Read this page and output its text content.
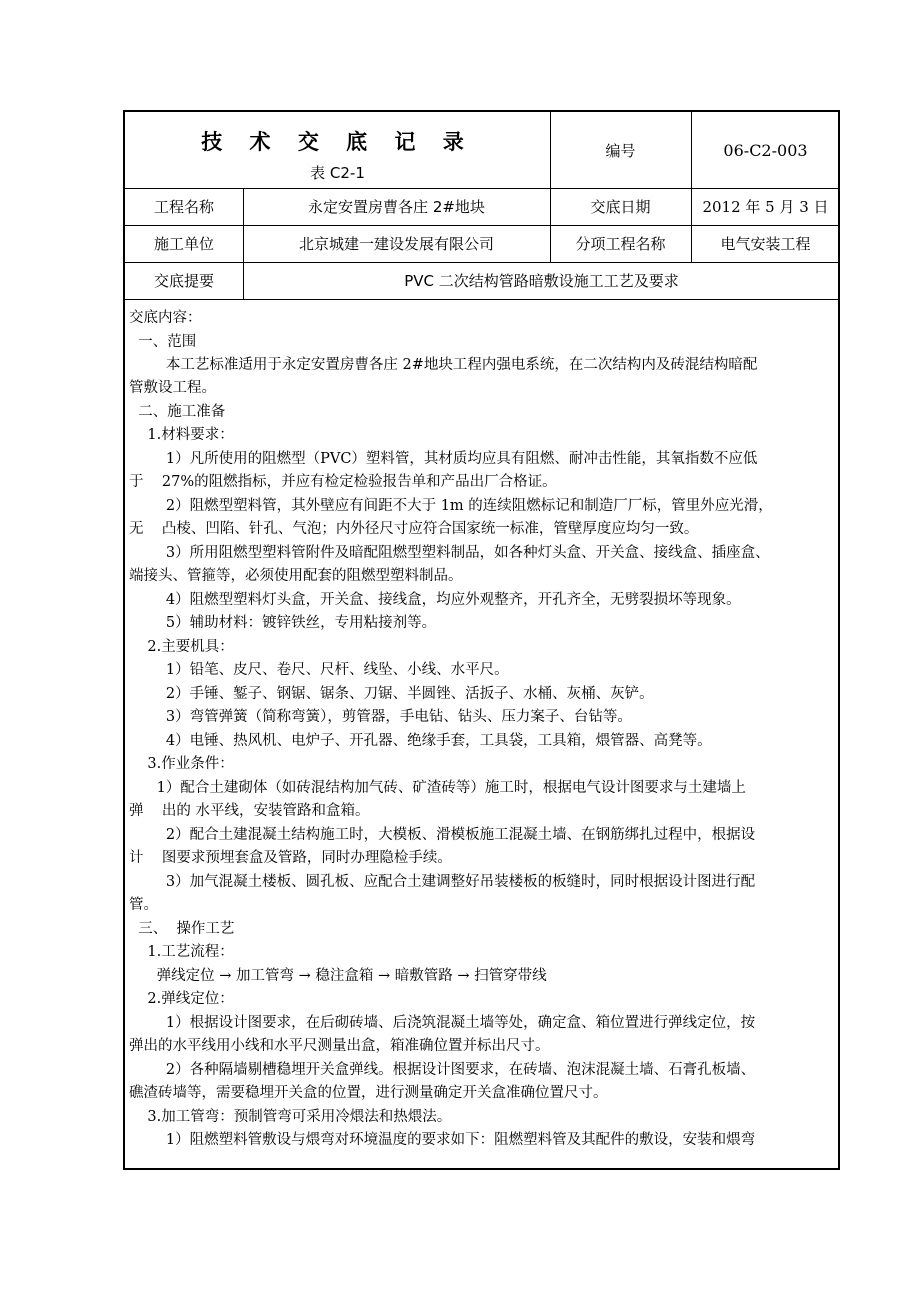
技 术 交 底 记 录
表 C2-1
编号	06-C2-003
工程名称	永定安置房曹各庄 2#地块	交底日期	2012 年 5 月 3 日
施工单位	北京城建一建设发展有限公司	分项工程名称	电气安装工程
交底提要	PVC 二次结构管路暗敷设施工工艺及要求
交底内容：
一、范围
本工艺标准适用于永定安置房曹各庄 2#地块工程内强电系统，在二次结构内及砖混结构暗配
管敷设工程。
二、施工准备
1.材料要求：
1）凡所使用的阻燃型（PVC）塑料管，其材质均应具有阻燃、耐冲击性能，其氧指数不应低
于    27%的阻燃指标，并应有检定检验报告单和产品出厂合格证。
2）阻燃型塑料管，其外壁应有间距不大于 1m 的连续阻燃标记和制造厂厂标，管里外应光滑，
无    凸棱、凹陷、针孔、气泡；内外径尺寸应符合国家统一标准，管壁厚度应均匀一致。
3）所用阻燃型塑料管附件及暗配阻燃型塑料制品，如各种灯头盒、开关盒、接线盒、插座盒、
端接头、管箍等，必须使用配套的阻燃型塑料制品。
4）阻燃型塑料灯头盒，开关盒、接线盒，均应外观整齐，开孔齐全，无劈裂损坏等现象。
5）辅助材料：镀锌铁丝，专用粘接剂等。
2.主要机具：
1）铅笔、皮尺、卷尺、尺杆、线坠、小线、水平尺。
2）手锤、錾子、钢锯、锯条、刀锯、半圆锉、活扳子、水桶、灰桶、灰铲。
3）弯管弹簧（简称弯簧），剪管器，手电钻、钻头、压力案子、台钻等。
4）电锤、热风机、电炉子、开孔器、绝缘手套，工具袋，工具箱，煨管器、高凳等。
3.作业条件：
1）配合土建砌体（如砖混结构加气砖、矿渣砖等）施工时，根据电气设计图要求与土建墙上
弹    出的 水平线，安装管路和盒箱。
2）配合土建混凝土结构施工时，大模板、滑模板施工混凝土墙、在钢筋绑扎过程中，根据设
计    图要求预埋套盒及管路，同时办理隐检手续。
3）加气混凝土楼板、圆孔板、应配合土建调整好吊装楼板的板缝时，同时根据设计图进行配
管。
三、  操作工艺
1.工艺流程：
弹线定位 → 加工管弯 → 稳注盒箱 → 暗敷管路 → 扫管穿带线
2.弹线定位：
1）根据设计图要求，在后砌砖墙、后浇筑混凝土墙等处，确定盒、箱位置进行弹线定位，按
弹出的水平线用小线和水平尺测量出盒，箱准确位置并标出尺寸。
2）各种隔墙剔槽稳埋开关盒弹线。根据设计图要求，在砖墙、泡沫混凝土墙、石膏孔板墙、
礁渣砖墙等，需要稳埋开关盒的位置，进行测量确定开关盒准确位置尺寸。
3.加工管弯：预制管弯可采用冷煨法和热煨法。
1）阻燃塑料管敷设与煨弯对环境温度的要求如下：阻燃塑料管及其配件的敷设，安装和煨弯
